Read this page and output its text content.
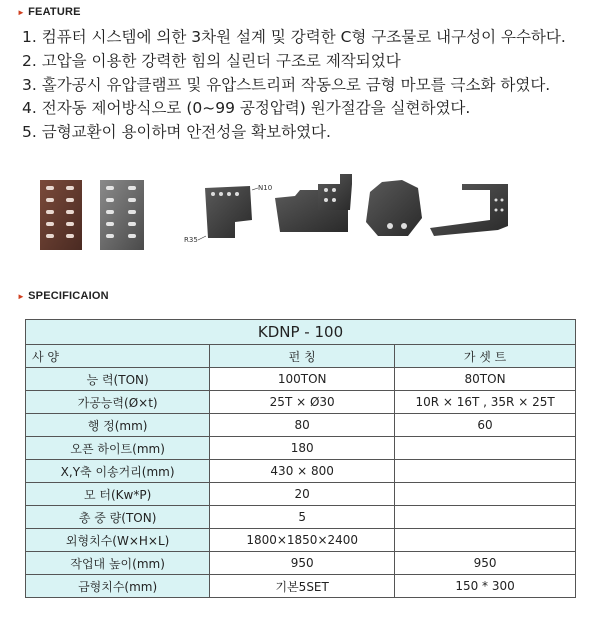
► FEATURE
1. 컴퓨터 시스템에 의한 3차원 설계 및 강력한 C형 구조물로 내구성이 우수하다.
2. 고압을 이용한 강력한 힘의 실린더 구조로 제작되었다
3. 홀가공시 유압클램프 및 유압스트리퍼 작동으로 금형 마모를 극소화 하였다.
4. 전자동 제어방식으로 (0~99 공정압력) 원가절감을 실현하였다.
5. 금형교환이 용이하며 안전성을 확보하였다.
N10
R35
► SPECIFICAION
KDNP - 100		
사 양	펀 칭	가 셋 트
능 력(TON)	100TON	80TON
가공능력(Ø×t)	25T × Ø30	10R × 16T , 35R × 25T
행 정(mm)	80	60
오픈 하이트(mm)	180	
X,Y축 이송거리(mm)	430 × 800	
모 터(Kw*P)	20	
총 중 량(TON)	5	
외형치수(W×H×L)	1800×1850×2400	
작업대 높이(mm)	950	950
금형치수(mm)	기본5SET	150 * 300
